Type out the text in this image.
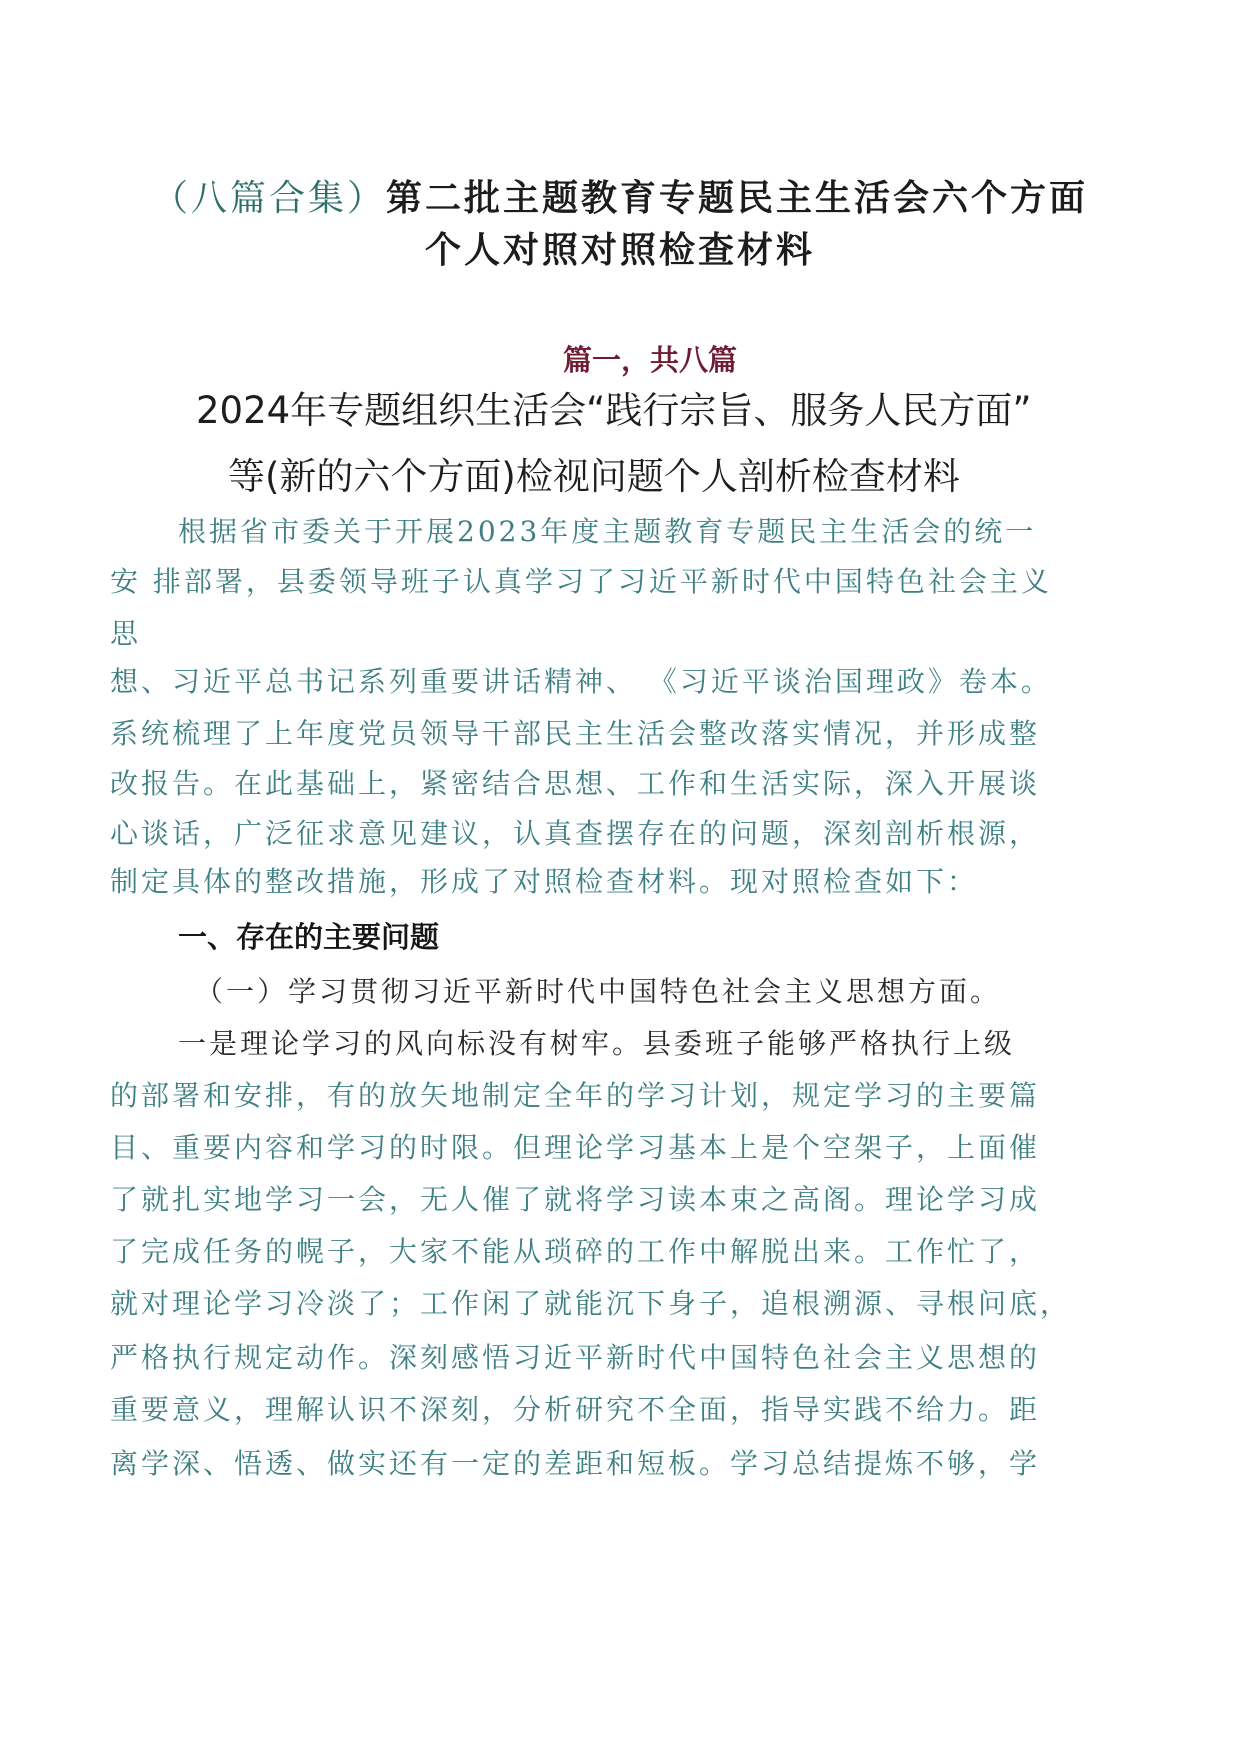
（八篇合集）第二批主题教育专题民主生活会六个方面
个人对照对照检查材料
篇一，共八篇
2024年专题组织生活会“践行宗旨、服务人民方面”
等(新的六个方面)检视问题个人剖析检查材料
根据省市委关于开展2023年度主题教育专题民主生活会的统一
安 排部署，县委领导班子认真学习了习近平新时代中国特色社会主义
思
想、习近平总书记系列重要讲话精神、 《习近平谈治国理政》卷本。
系统梳理了上年度党员领导干部民主生活会整改落实情况，并形成整
改报告。在此基础上，紧密结合思想、工作和生活实际，深入开展谈
心谈话，广泛征求意见建议，认真查摆存在的问题，深刻剖析根源，
制定具体的整改措施，形成了对照检查材料。现对照检查如下：
一、存在的主要问题
（一）学习贯彻习近平新时代中国特色社会主义思想方面。
一是理论学习的风向标没有树牢。县委班子能够严格执行上级
的部署和安排，有的放矢地制定全年的学习计划，规定学习的主要篇
目、重要内容和学习的时限。但理论学习基本上是个空架子，上面催
了就扎实地学习一会，无人催了就将学习读本束之高阁。理论学习成
了完成任务的幌子，大家不能从琐碎的工作中解脱出来。工作忙了，
就对理论学习冷淡了；工作闲了就能沉下身子，追根溯源、寻根问底，
严格执行规定动作。深刻感悟习近平新时代中国特色社会主义思想的
重要意义，理解认识不深刻，分析研究不全面，指导实践不给力。距
离学深、悟透、做实还有一定的差距和短板。学习总结提炼不够，学
